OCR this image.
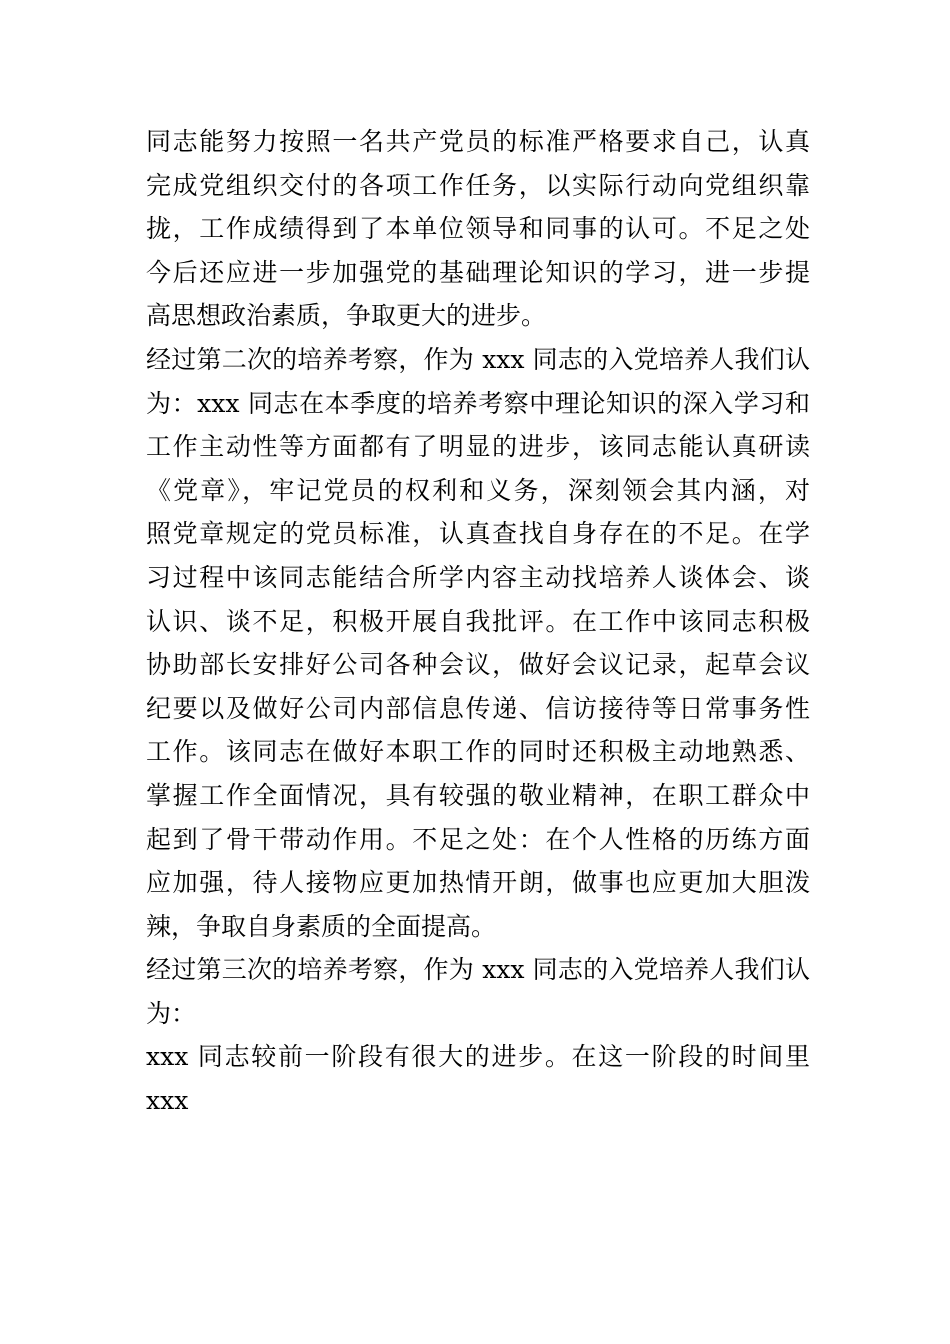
同志能努力按照一名共产党员的标准严格要求自己，认真
完成党组织交付的各项工作任务，以实际行动向党组织靠
拢，工作成绩得到了本单位领导和同事的认可。不足之处
今后还应进一步加强党的基础理论知识的学习，进一步提
高思想政治素质，争取更大的进步。
经过第二次的培养考察，作为 xxx 同志的入党培养人我们认
为：xxx 同志在本季度的培养考察中理论知识的深入学习和
工作主动性等方面都有了明显的进步，该同志能认真研读
《党章》，牢记党员的权利和义务，深刻领会其内涵，对
照党章规定的党员标准，认真查找自身存在的不足。在学
习过程中该同志能结合所学内容主动找培养人谈体会、谈
认识、谈不足，积极开展自我批评。在工作中该同志积极
协助部长安排好公司各种会议，做好会议记录，起草会议
纪要以及做好公司内部信息传递、信访接待等日常事务性
工作。该同志在做好本职工作的同时还积极主动地熟悉、
掌握工作全面情况，具有较强的敬业精神，在职工群众中
起到了骨干带动作用。不足之处：在个人性格的历练方面
应加强，待人接物应更加热情开朗，做事也应更加大胆泼
辣，争取自身素质的全面提高。
经过第三次的培养考察，作为 xxx 同志的入党培养人我们认
为：
xxx 同志较前一阶段有很大的进步。在这一阶段的时间里
xxx
